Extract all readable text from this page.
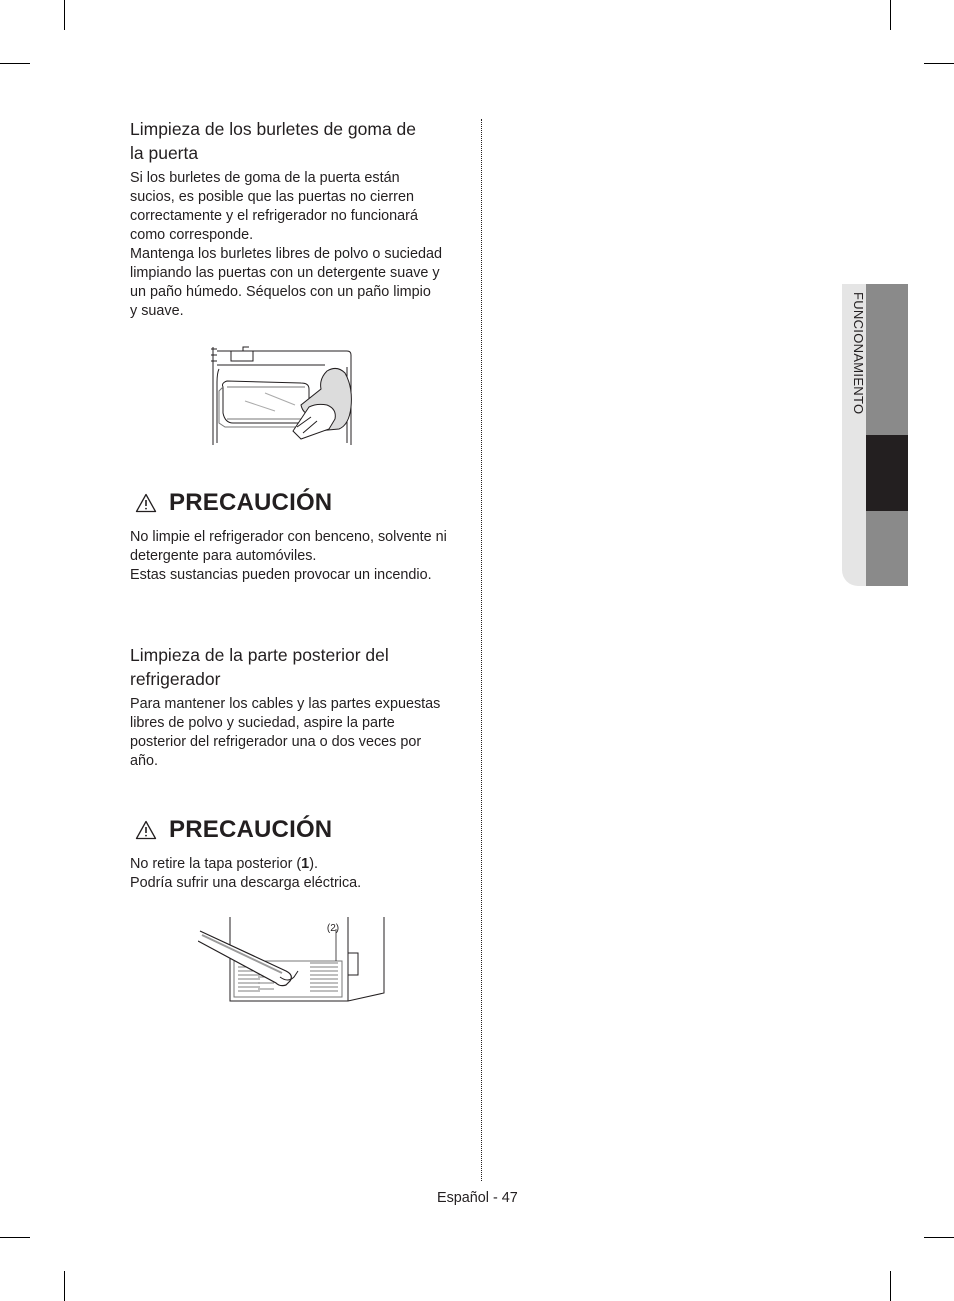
Limpieza de los burletes de goma de
la puerta

Si los burletes de goma de la puerta están
sucios, es posible que las puertas no cierren
correctamente y el refrigerador no funcionará
como corresponde.
Mantenga los burletes libres de polvo o suciedad
limpiando las puertas con un detergente suave y
un paño húmedo. Séquelos con un paño limpio
y suave.

PRECAUCIÓN

No limpie el refrigerador con benceno, solvente ni
detergente para automóviles.
Estas sustancias pueden provocar un incendio.

Limpieza de la parte posterior del
refrigerador

Para mantener los cables y las partes expuestas
libres de polvo y suciedad, aspire la parte
posterior del refrigerador una o dos veces por
año.

PRECAUCIÓN

No retire la tapa posterior (1).
Podría sufrir una descarga eléctrica.

(2)
FUNCIONAMIENTO
Español - 47
